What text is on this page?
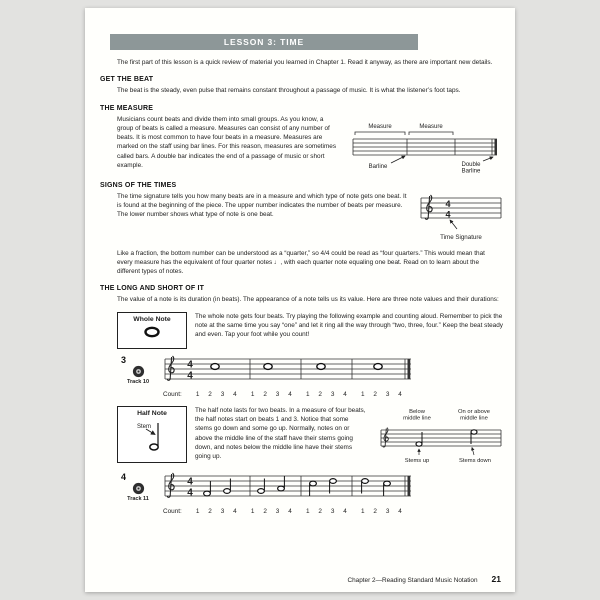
LESSON 3: TIME

The first part of this lesson is a quick review of material you learned in Chapter 1. Read it anyway, as there are important new details.

GET THE BEAT

The beat is the steady, even pulse that remains constant throughout a passage of music. It is what the listener’s foot taps.

THE MEASURE

Musicians count beats and divide them into small groups. As you know, a group of beats is called a measure. Measures can consist of any number of beats. It is most common to have four beats in a measure. Measures are marked on the staff using bar lines. For this reason, measures are sometimes called bars. A double bar indicates the end of a passage of music or short example.

Measure	Measure
Barline	Double
Barline
SIGNS OF THE TIMES

The time signature tells you how many beats are in a measure and which type of note gets one beat. It is found at the beginning of the piece. The upper number indicates the number of beats per measure. The lower number shows what type of note is one beat.

4
4
Time Signature

Like a fraction, the bottom number can be understood as a “quarter,” so 4/4 could be read as “four quarters.” This would mean that every measure has the equivalent of four quarter notes ♩, with each quarter note equaling one beat. Read on to learn about the different types of notes.

THE LONG AND SHORT OF IT

The value of a note is its duration (in beats). The appearance of a note tells us its value. Here are three note values and their durations:

Whole Note	The whole note gets four beats. Try playing the following example and counting aloud. Remember to pick the note at the same time you say “one” and let it ring all the way through “two, three, four.” Keep the beat steady and even. Tap your foot while you count!

3
Track 10
4
4
Count: 1     2     3     4        1     2     3     4        1     2     3     4        1     2     3     4
Half Note
Stem

The half note lasts for two beats. In a measure of four beats, the half notes start on beats 1 and 3. Notice that some stems go down and some go up. Normally, notes on or above the middle line of the staff have their stems going down, and notes below the middle line have their stems going up.

Below
middle line
On or above
middle line
Stems up	Stems down
4
Track 11
4
4
Count: 1     2     3     4        1     2     3     4        1     2     3     4        1     2     3     4
Chapter 2—Reading Standard Music Notation 21
